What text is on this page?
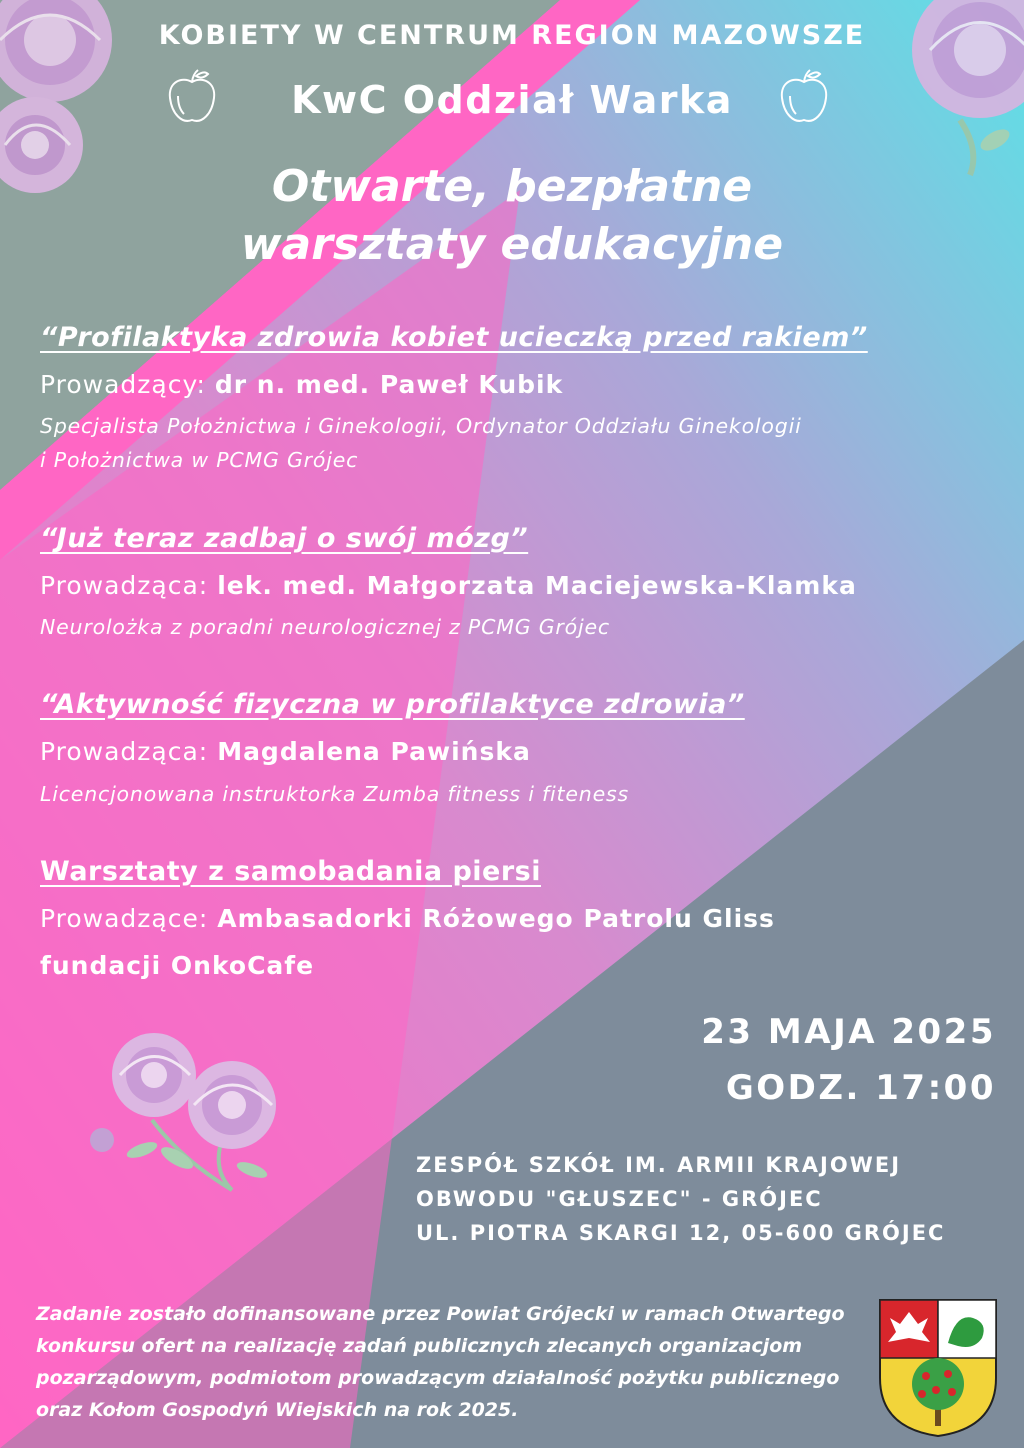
KOBIETY W CENTRUM REGION MAZOWSZE
KwC Oddział Warka
Otwarte, bezpłatne
warsztaty edukacyjne
“Profilaktyka zdrowia kobiet ucieczką przed rakiem”
Prowadzący: dr n. med. Paweł Kubik
Specjalista Położnictwa i Ginekologii, Ordynator Oddziału Ginekologii
i Położnictwa w PCMG Grójec
“Już teraz zadbaj o swój mózg”
Prowadząca: lek. med. Małgorzata Maciejewska-Klamka
Neurolożka z poradni neurologicznej z PCMG Grójec
“Aktywność fizyczna w profilaktyce zdrowia”
Prowadząca: Magdalena Pawińska
Licencjonowana instruktorka Zumba fitness i fiteness
Warsztaty z samobadania piersi
Prowadzące: Ambasadorki Różowego Patrolu Gliss
fundacji OnkoCafe
23 MAJA 2025
GODZ. 17:00
ZESPÓŁ SZKÓŁ IM. ARMII KRAJOWEJ
OBWODU "GŁUSZEC" - GRÓJEC
UL. PIOTRA SKARGI 12, 05-600 GRÓJEC
Zadanie zostało dofinansowane przez Powiat Grójecki w ramach Otwartego
konkursu ofert na realizację zadań publicznych zlecanych organizacjom
pozarządowym, podmiotom prowadzącym działalność pożytku publicznego
oraz Kołom Gospodyń Wiejskich na rok 2025.
